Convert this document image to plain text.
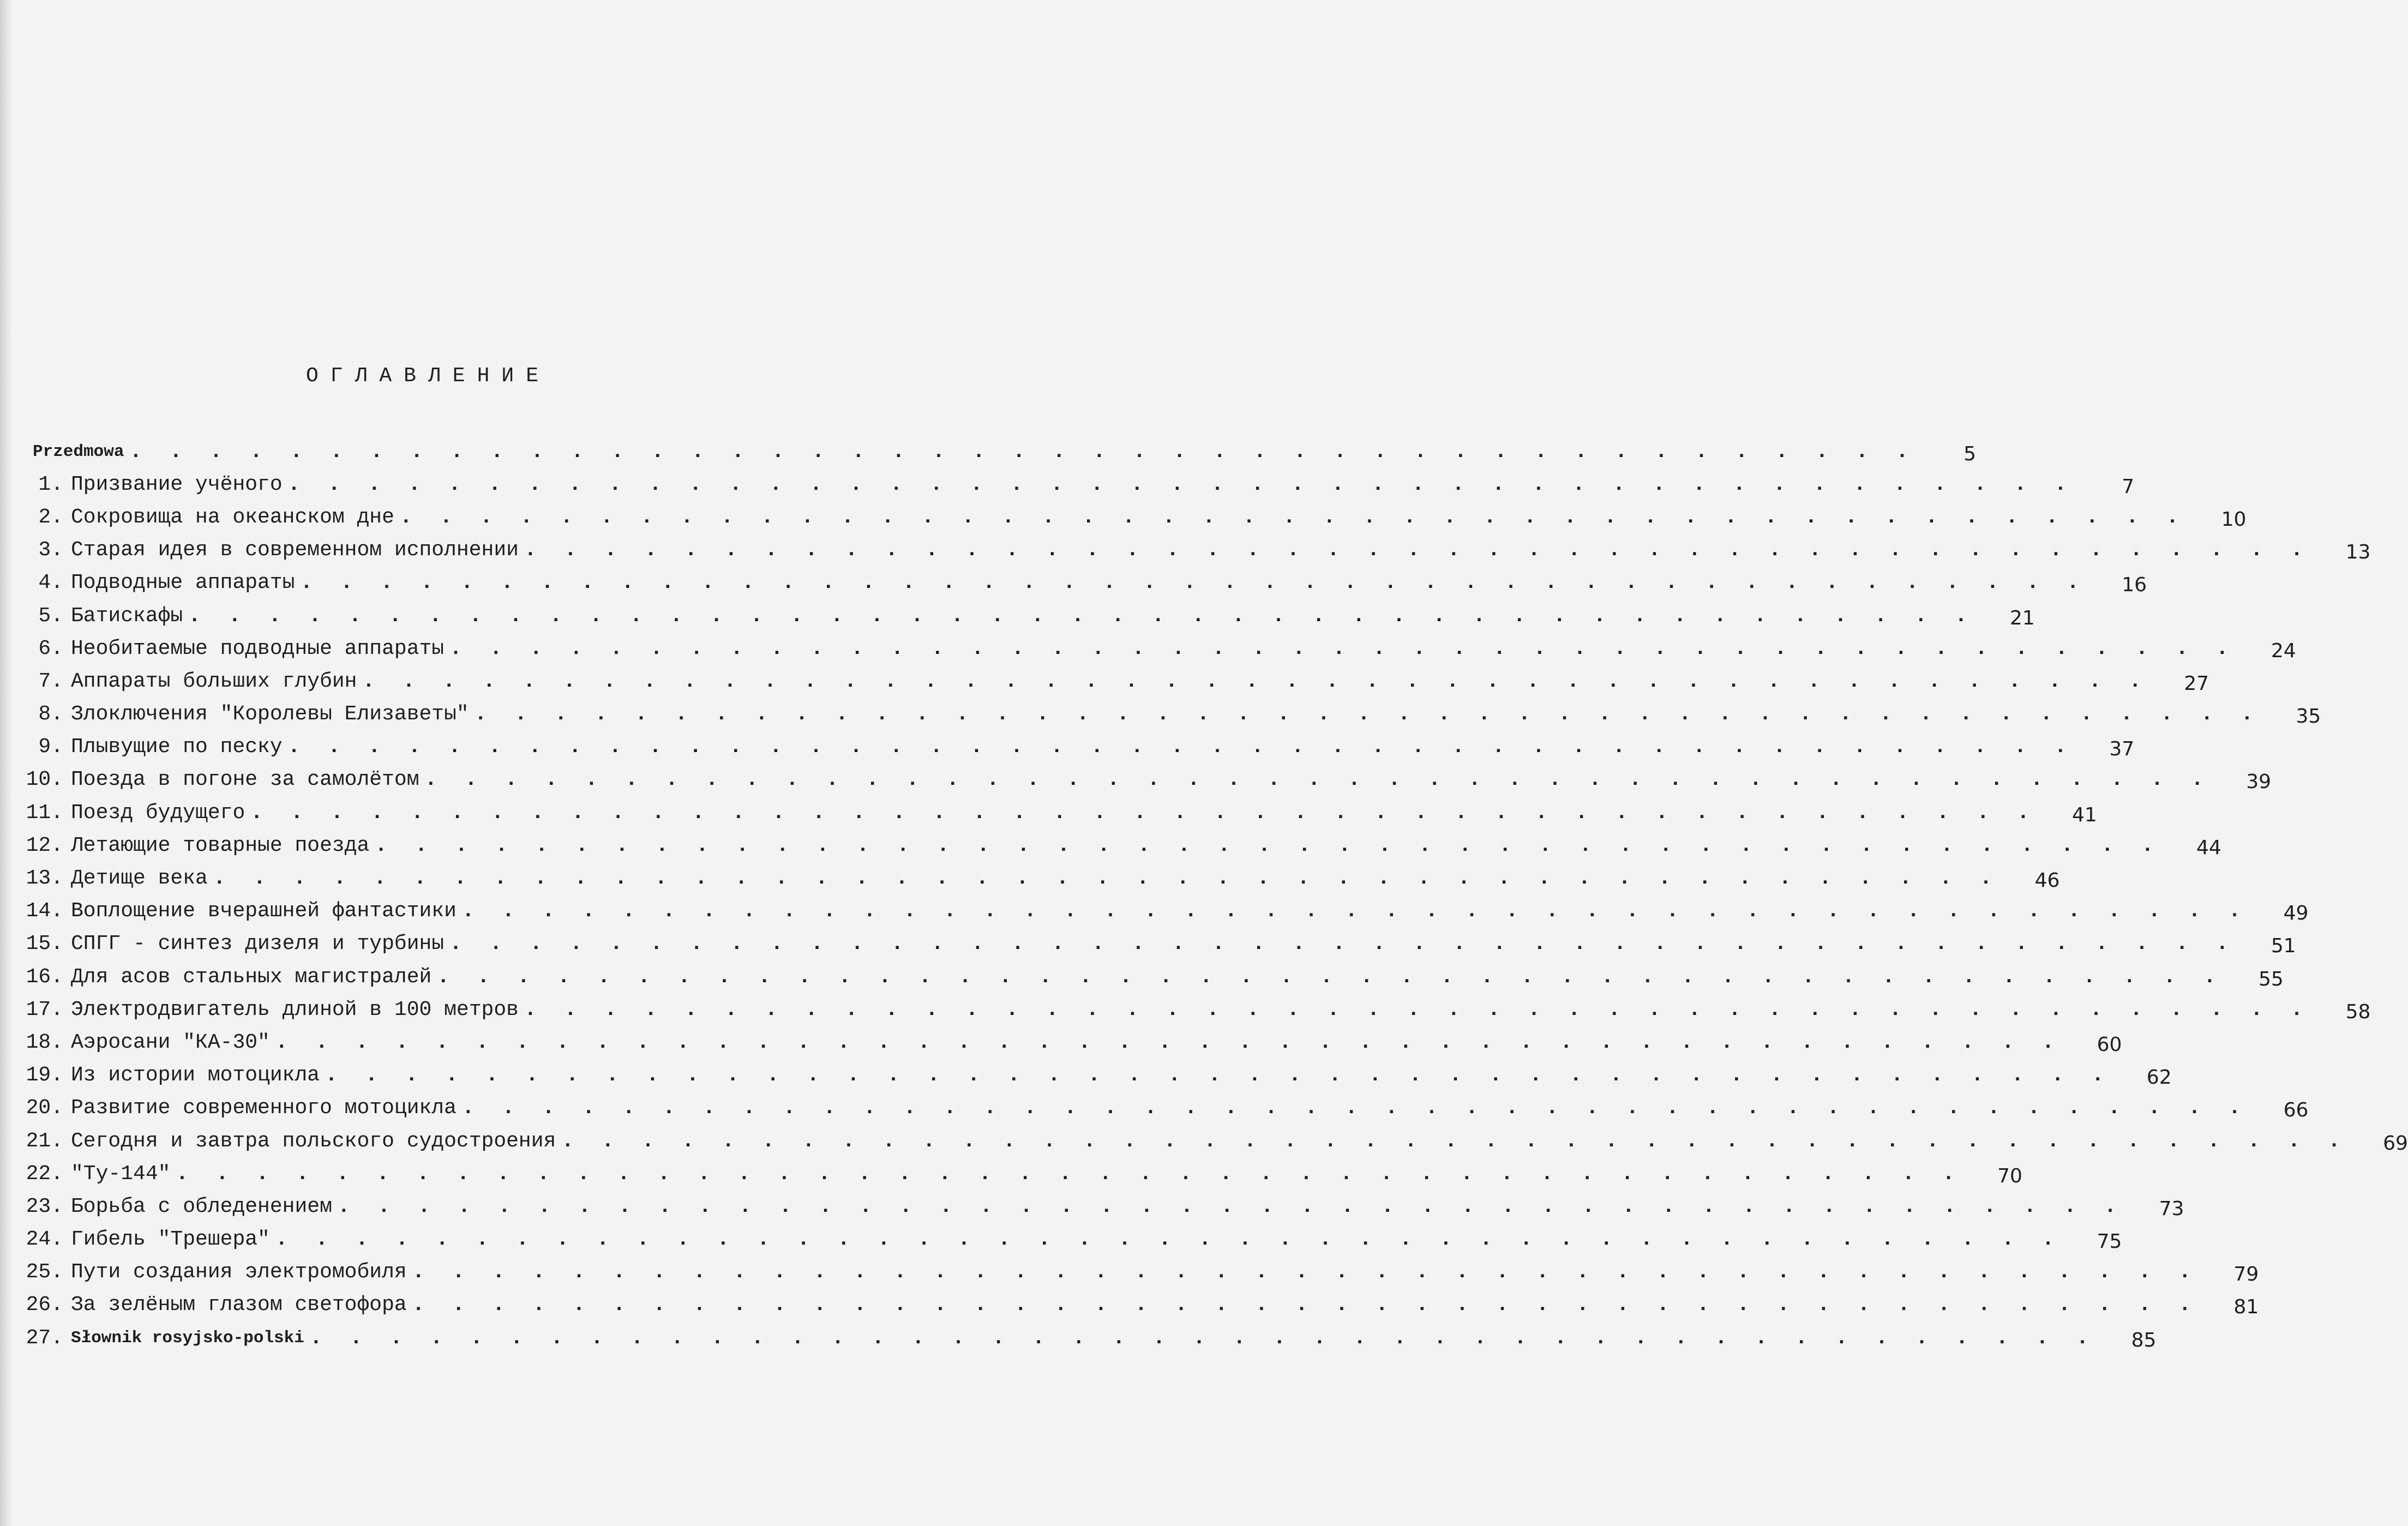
ОГЛАВЛЕНИЕ
Przedmowa . . . . . . . . . . . . . . . . . . . . . . . . . . . . . . . . . . . . . . . . . . . . .	5
1. Призвание учёного . . . . . . . . . . . . . . . . . . . . . . . . . . . . . . . . . . . . . . . . . . . . .	7
2. Сокровища на океанском дне . . . . . . . . . . . . . . . . . . . . . . . . . . . . . . . . . . . . . . . . . . . . .	10
3. Старая идея в современном исполнении . . . . . . . . . . . . . . . . . . . . . . . . . . . . . . . . . . . . . . . . . . . . .	13
4. Подводные аппараты . . . . . . . . . . . . . . . . . . . . . . . . . . . . . . . . . . . . . . . . . . . . .	16
5. Батискафы . . . . . . . . . . . . . . . . . . . . . . . . . . . . . . . . . . . . . . . . . . . . .	21
6. Необитаемые подводные аппараты . . . . . . . . . . . . . . . . . . . . . . . . . . . . . . . . . . . . . . . . . . . . .	24
7. Аппараты больших глубин . . . . . . . . . . . . . . . . . . . . . . . . . . . . . . . . . . . . . . . . . . . . .	27
8. Злоключения "Королевы Елизаветы" . . . . . . . . . . . . . . . . . . . . . . . . . . . . . . . . . . . . . . . . . . . . .	35
9. Плывущие по песку . . . . . . . . . . . . . . . . . . . . . . . . . . . . . . . . . . . . . . . . . . . . .	37
10. Поезда в погоне за самолётом . . . . . . . . . . . . . . . . . . . . . . . . . . . . . . . . . . . . . . . . . . . . .	39
11. Поезд будущего . . . . . . . . . . . . . . . . . . . . . . . . . . . . . . . . . . . . . . . . . . . . .	41
12. Летающие товарные поезда . . . . . . . . . . . . . . . . . . . . . . . . . . . . . . . . . . . . . . . . . . . . .	44
13. Детище века . . . . . . . . . . . . . . . . . . . . . . . . . . . . . . . . . . . . . . . . . . . . .	46
14. Воплощение вчерашней фантастики . . . . . . . . . . . . . . . . . . . . . . . . . . . . . . . . . . . . . . . . . . . . .	49
15. СПГГ - синтез дизеля и турбины . . . . . . . . . . . . . . . . . . . . . . . . . . . . . . . . . . . . . . . . . . . . .	51
16. Для асов стальных магистралей . . . . . . . . . . . . . . . . . . . . . . . . . . . . . . . . . . . . . . . . . . . . .	55
17. Электродвигатель длиной в 100 метров . . . . . . . . . . . . . . . . . . . . . . . . . . . . . . . . . . . . . . . . . . . . .	58
18. Аэросани "КА-30" . . . . . . . . . . . . . . . . . . . . . . . . . . . . . . . . . . . . . . . . . . . . .	60
19. Из истории мотоцикла . . . . . . . . . . . . . . . . . . . . . . . . . . . . . . . . . . . . . . . . . . . . .	62
20. Развитие современного мотоцикла . . . . . . . . . . . . . . . . . . . . . . . . . . . . . . . . . . . . . . . . . . . . .	66
21. Сегодня и завтра польского судостроения . . . . . . . . . . . . . . . . . . . . . . . . . . . . . . . . . . . . . . . . . . . . .	69
22. "Ту-144" . . . . . . . . . . . . . . . . . . . . . . . . . . . . . . . . . . . . . . . . . . . . .	70
23. Борьба с обледенением . . . . . . . . . . . . . . . . . . . . . . . . . . . . . . . . . . . . . . . . . . . . .	73
24. Гибель "Трешера" . . . . . . . . . . . . . . . . . . . . . . . . . . . . . . . . . . . . . . . . . . . . .	75
25. Пути создания электромобиля . . . . . . . . . . . . . . . . . . . . . . . . . . . . . . . . . . . . . . . . . . . . .	79
26. За зелёным глазом светофора . . . . . . . . . . . . . . . . . . . . . . . . . . . . . . . . . . . . . . . . . . . . .	81
27. Słownik rosyjsko-polski . . . . . . . . . . . . . . . . . . . . . . . . . . . . . . . . . . . . . . . . . . . . .	85
